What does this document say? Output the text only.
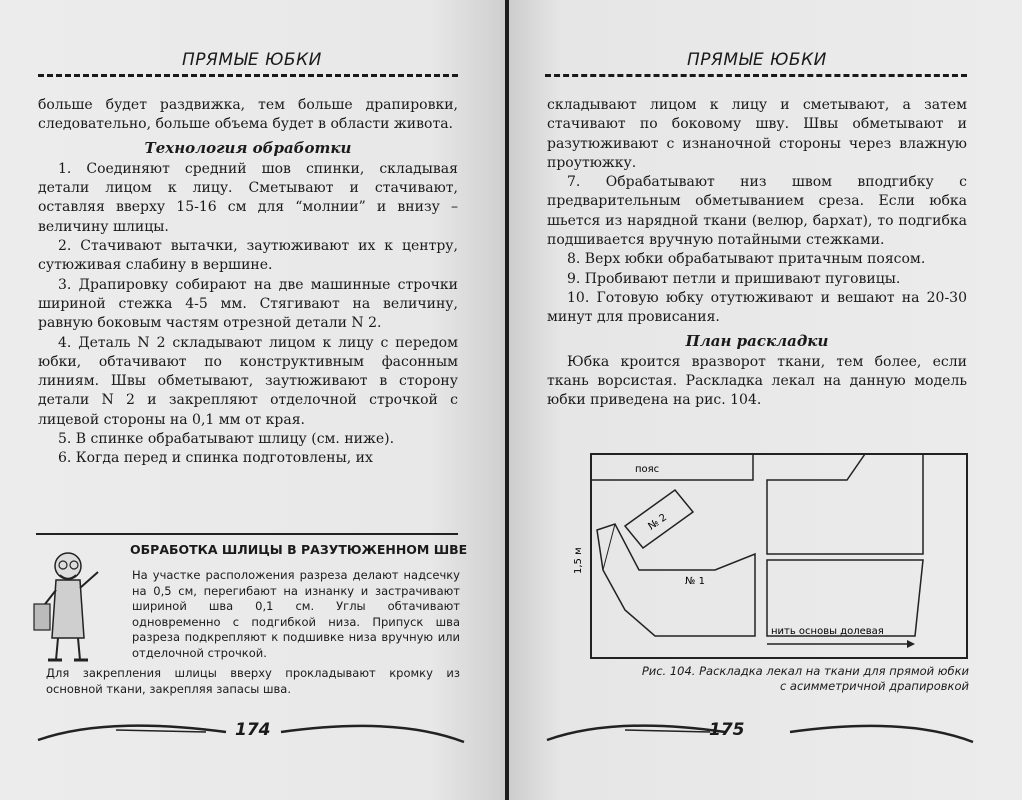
ПРЯМЫЕ ЮБКИ

больше будет раздвижка, тем больше драпировки, следовательно, больше объема будет в области живота.

Технология обработки

1. Соединяют средний шов спинки, складывая детали лицом к лицу. Сметывают и стачивают, оставляя вверху 15-16 см для “молнии” и внизу – величину шлицы.

2. Стачивают вытачки, заутюживают их к центру, сутюживая слабину в вершине.

3. Драпировку собирают на две машинные строчки шириной стежка 4-5 мм. Стягивают на величину, равную боковым частям отрезной детали N 2.

4. Деталь N 2 складывают лицом к лицу с передом юбки, обтачивают по конструктивным фасонным линиям. Швы обметывают, заутюживают в сторону детали N 2 и закрепляют отделочной строчкой с лицевой стороны на 0,1 мм от края.

5. В спинке обрабатывают шлицу (см. ниже).

6. Когда перед и спинка подготовлены, их

ОБРАБОТКА ШЛИЦЫ В РАЗУТЮЖЕННОМ ШВЕ

На участке расположения разреза делают надсечку на 0,5 см, перегибают на изнанку и застрачивают шириной шва 0,1 см. Углы обтачивают одновременно с подгибкой низа. Припуск шва разреза подкрепляют к подшивке низа вручную или отделочной строчкой.

Для закрепления шлицы вверху прокладывают кромку из основной ткани, закрепляя запасы шва.

174
ПРЯМЫЕ ЮБКИ

складывают лицом к лицу и сметывают, а затем стачивают по боковому шву. Швы обметывают и разутюживают с изнаночной стороны через влажную проутюжку.

7. Обрабатывают низ швом вподгибку с предварительным обметыванием среза. Если юбка шьется из нарядной ткани (велюр, бархат), то подгибка подшивается вручную потайными стежками.

8. Верх юбки обрабатывают притачным поясом.

9. Пробивают петли и пришивают пуговицы.

10. Готовую юбку отутюживают и вешают на 20-30 минут для провисания.

План раскладки

Юбка кроится вразворот ткани, тем более, если ткань ворсистая. Раскладка лекал на данную модель юбки приведена на рис. 104.

пояс
№ 2
№ 1
1,5 м
нить основы долевая
Рис. 104. Раскладка лекал на ткани для прямой юбки
с асимметричной драпировкой
175
